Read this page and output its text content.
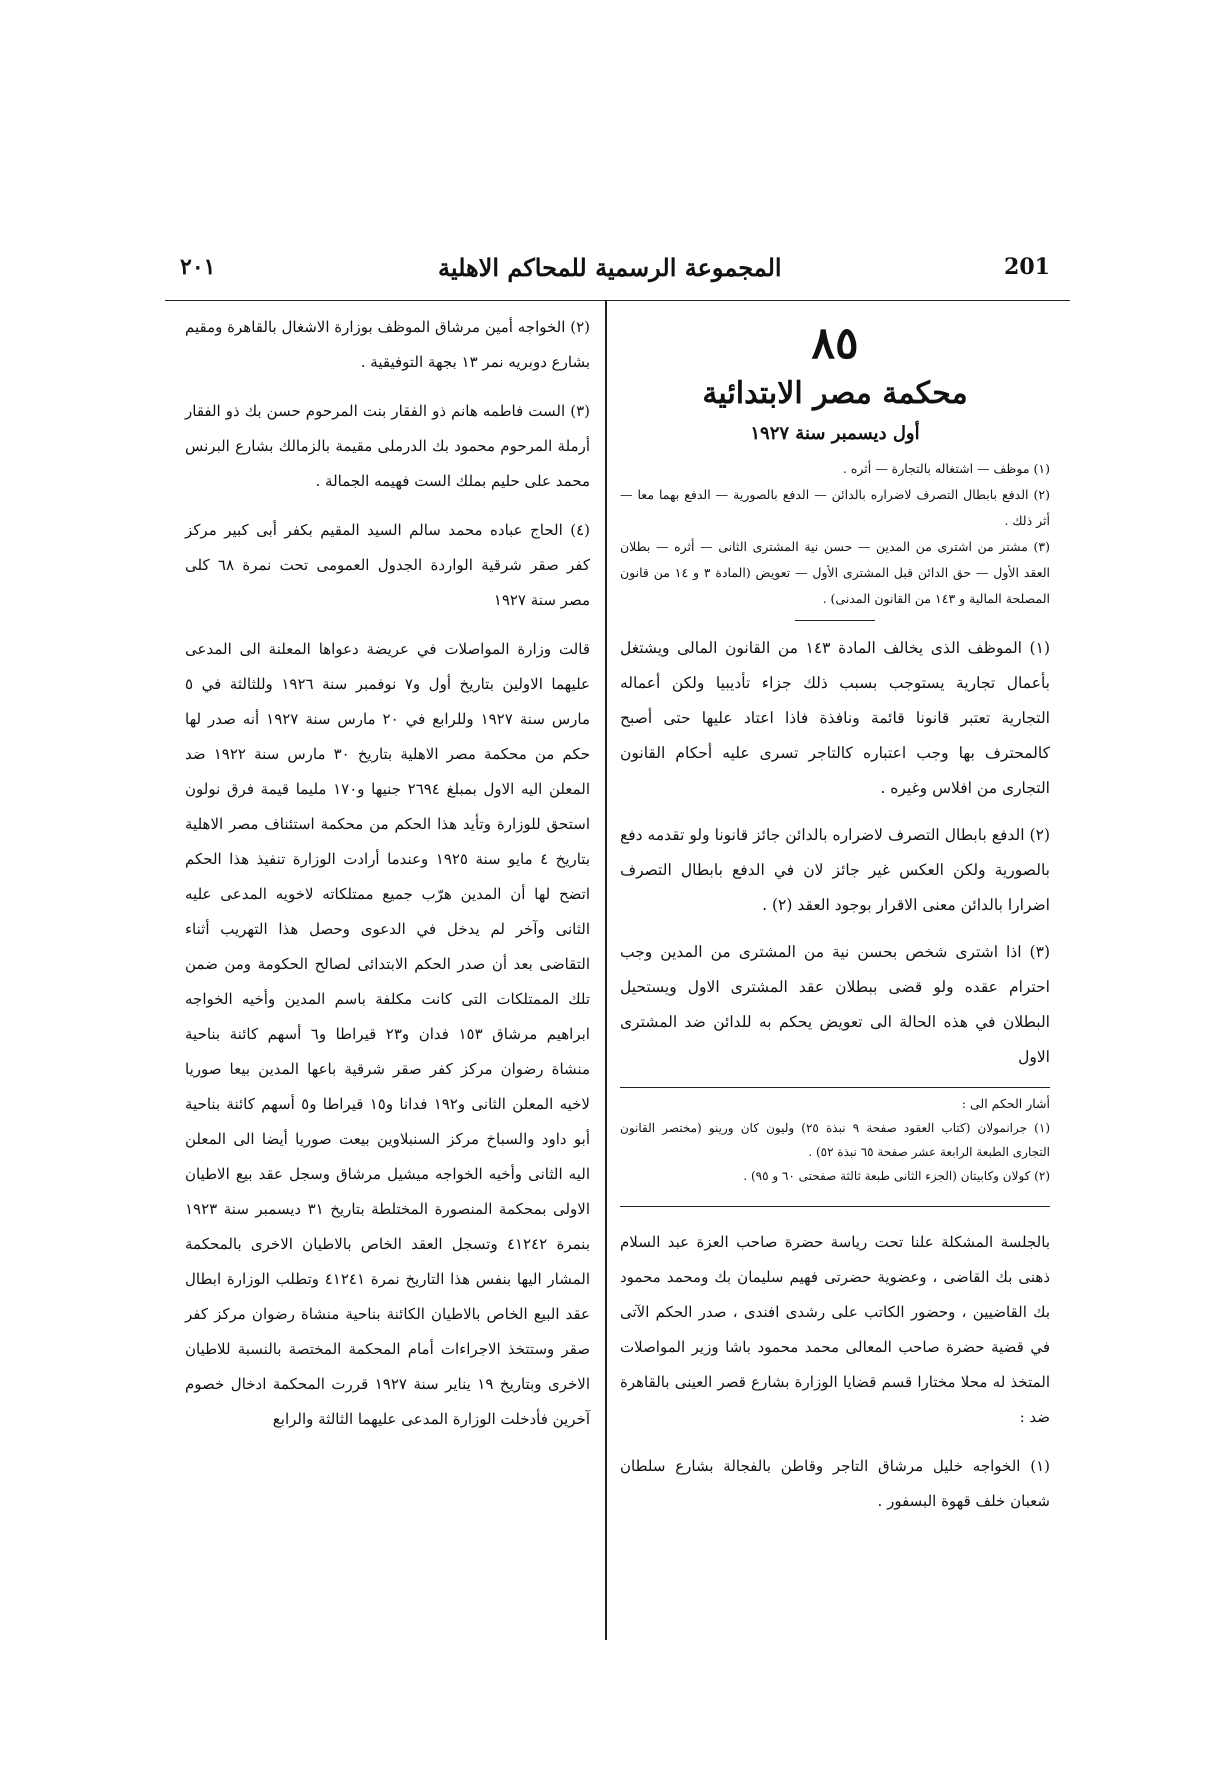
٢٠١	المجموعة الرسمية للمحاكم الاهلية	201
٨٥
محكمة مصر الابتدائية
أول ديسمبر سنة ١٩٢٧

(١) موظف — اشتغاله بالتجارة — أثره .

(٢) الدفع بابطال التصرف لاضراره بالدائن — الدفع بالصورية — الدفع بهما معا — أثر ذلك .

(٣) مشتر من اشترى من المدين — حسن نية المشترى الثانى — أثره — بطلان العقد الأول — حق الدائن قبل المشترى الأول — تعويض (المادة ٣ و ١٤ من قانون المصلحة المالية و ١٤٣ من القانون المدنى) .

(١) الموظف الذى يخالف المادة ١٤٣ من القانون المالى ويشتغل بأعمال تجارية يستوجب بسبب ذلك جزاء تأديبيا ولكن أعماله التجارية تعتبر قانونا قائمة ونافذة فاذا اعتاد عليها حتى أصبح كالمحترف بها وجب اعتباره كالتاجر تسرى عليه أحكام القانون التجارى من افلاس وغيره .

(٢) الدفع بابطال التصرف لاضراره بالدائن جائز قانونا ولو تقدمه دفع بالصورية ولكن العكس غير جائز لان في الدفع بابطال التصرف اضرارا بالدائن معنى الاقرار بوجود العقد (٢) .

(٣) اذا اشترى شخص بحسن نية من المشترى من المدين وجب احترام عقده ولو قضى ببطلان عقد المشترى الاول ويستحيل البطلان في هذه الحالة الى تعويض يحكم به للدائن ضد المشترى الاول

أشار الحكم الى :

(١) جرانمولان (كتاب العقود صفحة ٩ نبذة ٢٥) وليون كان ورينو (مختصر القانون التجارى الطبعة الرابعة عشر صفحة ٦٥ نبذة ٥٢) .

(٢) كولان وكابيتان (الجزء الثانى طبعة ثالثة صفحتى ٦٠ و ٩٥) .

بالجلسة المشكلة علنا تحت رياسة حضرة صاحب العزة عبد السلام ذهنى بك القاضى ، وعضوية حضرتى فهيم سليمان بك ومحمد محمود بك القاضيين ، وحضور الكاتب على رشدى افندى ، صدر الحكم الآتى في قضية حضرة صاحب المعالى محمد محمود باشا وزير المواصلات المتخذ له محلا مختارا قسم قضايا الوزارة بشارع قصر العينى بالقاهرة ضد :

(١) الخواجه خليل مرشاق التاجر وقاطن بالفجالة بشارع سلطان شعبان خلف قهوة البسفور .

(٢) الخواجه أمين مرشاق الموظف بوزارة الاشغال بالقاهرة ومقيم بشارع دوبريه نمر ١٣ بجهة التوفيقية .

(٣) الست فاطمه هانم ذو الفقار بنت المرحوم حسن بك ذو الفقار أرملة المرحوم محمود بك الدرملى مقيمة بالزمالك بشارع البرنس محمد على حليم بملك الست فهيمه الجمالة .

(٤) الحاج عباده محمد سالم السيد المقيم بكفر أبى كبير مركز كفر صقر شرقية الواردة الجدول العمومى تحت نمرة ٦٨ كلى مصر سنة ١٩٢٧

قالت وزارة المواصلات في عريضة دعواها المعلنة الى المدعى عليهما الاولين بتاريخ أول و٧ نوفمبر سنة ١٩٢٦ وللثالثة في ٥ مارس سنة ١٩٢٧ وللرابع في ٢٠ مارس سنة ١٩٢٧ أنه صدر لها حكم من محكمة مصر الاهلية بتاريخ ٣٠ مارس سنة ١٩٢٢ ضد المعلن اليه الاول بمبلغ ٢٦٩٤ جنيها و١٧٠ مليما قيمة فرق نولون استحق للوزارة وتأيد هذا الحكم من محكمة استئناف مصر الاهلية بتاريخ ٤ مايو سنة ١٩٢٥ وعندما أرادت الوزارة تنفيذ هذا الحكم اتضح لها أن المدين هرّب جميع ممتلكاته لاخويه المدعى عليه الثانى وآخر لم يدخل في الدعوى وحصل هذا التهريب أثناء التقاضى بعد أن صدر الحكم الابتدائى لصالح الحكومة ومن ضمن تلك الممتلكات التى كانت مكلفة باسم المدين وأخيه الخواجه ابراهيم مرشاق ١٥٣ فدان و٢٣ قيراطا و٦ أسهم كائنة بناحية منشاة رضوان مركز كفر صقر شرقية باعها المدين بيعا صوريا لاخيه المعلن الثانى و١٩٢ فدانا و١٥ قيراطا و٥ أسهم كائنة بناحية أبو داود والسباخ مركز السنبلاوين بيعت صوريا أيضا الى المعلن اليه الثانى وأخيه الخواجه ميشيل مرشاق وسجل عقد بيع الاطيان الاولى بمحكمة المنصورة المختلطة بتاريخ ٣١ ديسمبر سنة ١٩٢٣ بنمرة ٤١٢٤٢ وتسجل العقد الخاص بالاطيان الاخرى بالمحكمة المشار اليها بنفس هذا التاريخ نمرة ٤١٢٤١ وتطلب الوزارة ابطال عقد البيع الخاص بالاطيان الكائنة بناحية منشاة رضوان مركز كفر صقر وستتخذ الاجراءات أمام المحكمة المختصة بالنسبة للاطيان الاخرى وبتاريخ ١٩ يناير سنة ١٩٢٧ قررت المحكمة ادخال خصوم آخرين فأدخلت الوزارة المدعى عليهما الثالثة والرابع
